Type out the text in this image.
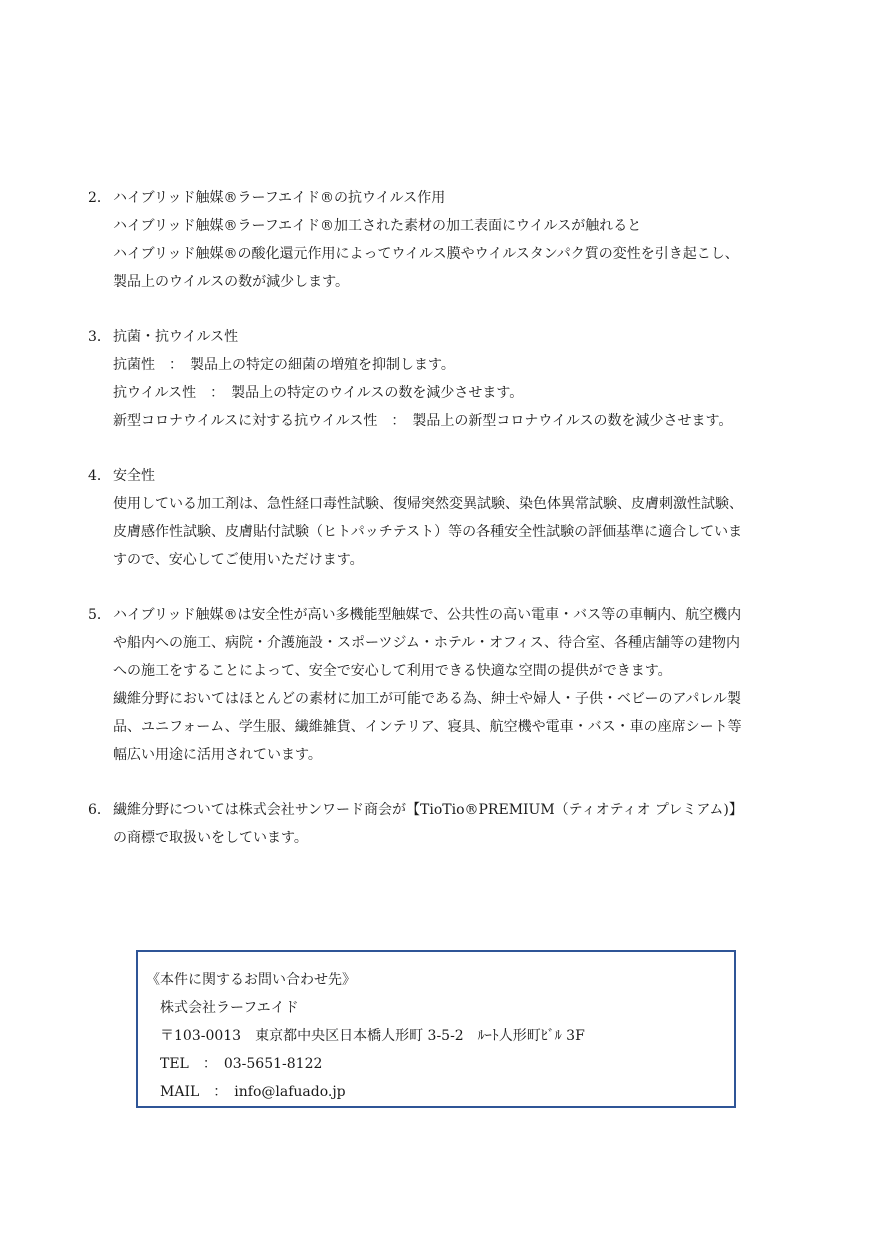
2． ハイブリッド触媒®ラーフエイド®の抗ウイルス作用
ハイブリッド触媒®ラーフエイド®加工された素材の加工表面にウイルスが触れると
ハイブリッド触媒®の酸化還元作用によってウイルス膜やウイルスタンパク質の変性を引き起こし、
製品上のウイルスの数が減少します。
3． 抗菌・抗ウイルス性
抗菌性　：　製品上の特定の細菌の増殖を抑制します。
抗ウイルス性　：　製品上の特定のウイルスの数を減少させます。
新型コロナウイルスに対する抗ウイルス性　：　製品上の新型コロナウイルスの数を減少させます。
4． 安全性
使用している加工剤は、急性経口毒性試験、復帰突然変異試験、染色体異常試験、皮膚刺激性試験、
皮膚感作性試験、皮膚貼付試験（ヒトパッチテスト）等の各種安全性試験の評価基準に適合していま
すので、安心してご使用いただけます。
5． ハイブリッド触媒®は安全性が高い多機能型触媒で、公共性の高い電車・バス等の車輌内、航空機内
や船内への施工、病院・介護施設・スポーツジム・ホテル・オフィス、待合室、各種店舗等の建物内
への施工をすることによって、安全で安心して利用できる快適な空間の提供ができます。
繊維分野においてはほとんどの素材に加工が可能である為、紳士や婦人・子供・ベビーのアパレル製
品、ユニフォーム、学生服、繊維雑貨、インテリア、寝具、航空機や電車・バス・車の座席シート等
幅広い用途に活用されています。
6． 繊維分野については株式会社サンワード商会が【TioTio®PREMIUM（ティオティオ プレミアム)】
の商標で取扱いをしています。
《本件に関するお問い合わせ先》
株式会社ラーフエイド
〒103-0013　東京都中央区日本橋人形町 3-5-2　ﾙｰﾄ人形町ﾋﾞﾙ 3F
TEL　：　03-5651-8122
MAIL　：　info@lafuado.jp
